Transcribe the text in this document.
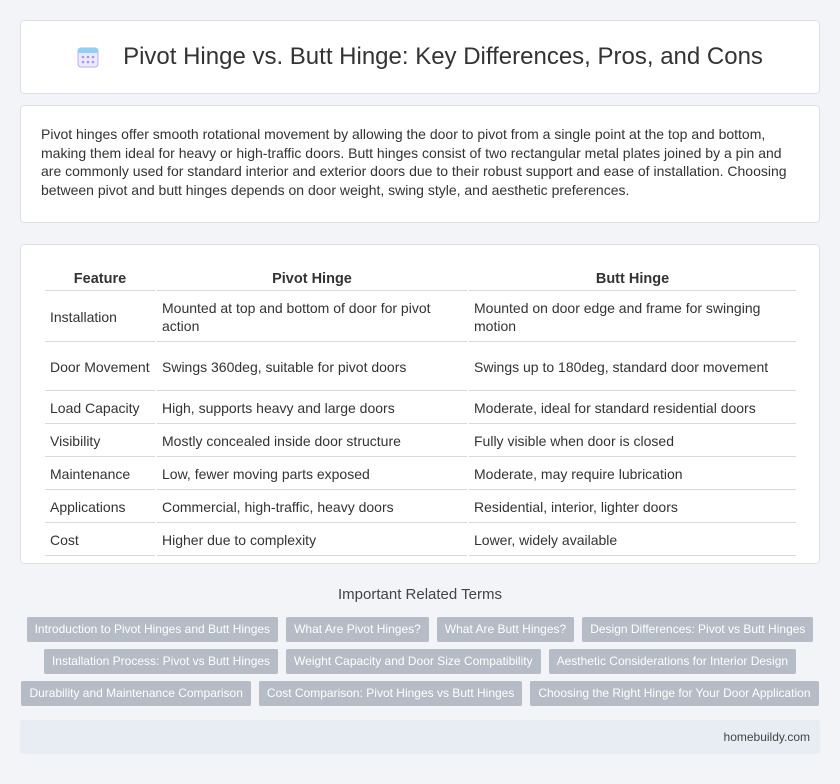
Pivot Hinge vs. Butt Hinge: Key Differences, Pros, and Cons

Pivot hinges offer smooth rotational movement by allowing the door to pivot from a single point at the top and bottom, making them ideal for heavy or high-traffic doors. Butt hinges consist of two rectangular metal plates joined by a pin and are commonly used for standard interior and exterior doors due to their robust support and ease of installation. Choosing between pivot and butt hinges depends on door weight, swing style, and aesthetic preferences.

Feature	Pivot Hinge	Butt Hinge
Installation	Mounted at top and bottom of door for pivot action	Mounted on door edge and frame for swinging motion
Door Movement	Swings 360deg, suitable for pivot doors	Swings up to 180deg, standard door movement
Load Capacity	High, supports heavy and large doors	Moderate, ideal for standard residential doors
Visibility	Mostly concealed inside door structure	Fully visible when door is closed
Maintenance	Low, fewer moving parts exposed	Moderate, may require lubrication
Applications	Commercial, high-traffic, heavy doors	Residential, interior, lighter doors
Cost	Higher due to complexity	Lower, widely available
Important Related Terms
Introduction to Pivot Hinges and Butt Hinges	What Are Pivot Hinges?	What Are Butt Hinges?	Design Differences: Pivot vs Butt Hinges
Installation Process: Pivot vs Butt Hinges	Weight Capacity and Door Size Compatibility	Aesthetic Considerations for Interior Design
Durability and Maintenance Comparison	Cost Comparison: Pivot Hinges vs Butt Hinges	Choosing the Right Hinge for Your Door Application
homebuildy.com
